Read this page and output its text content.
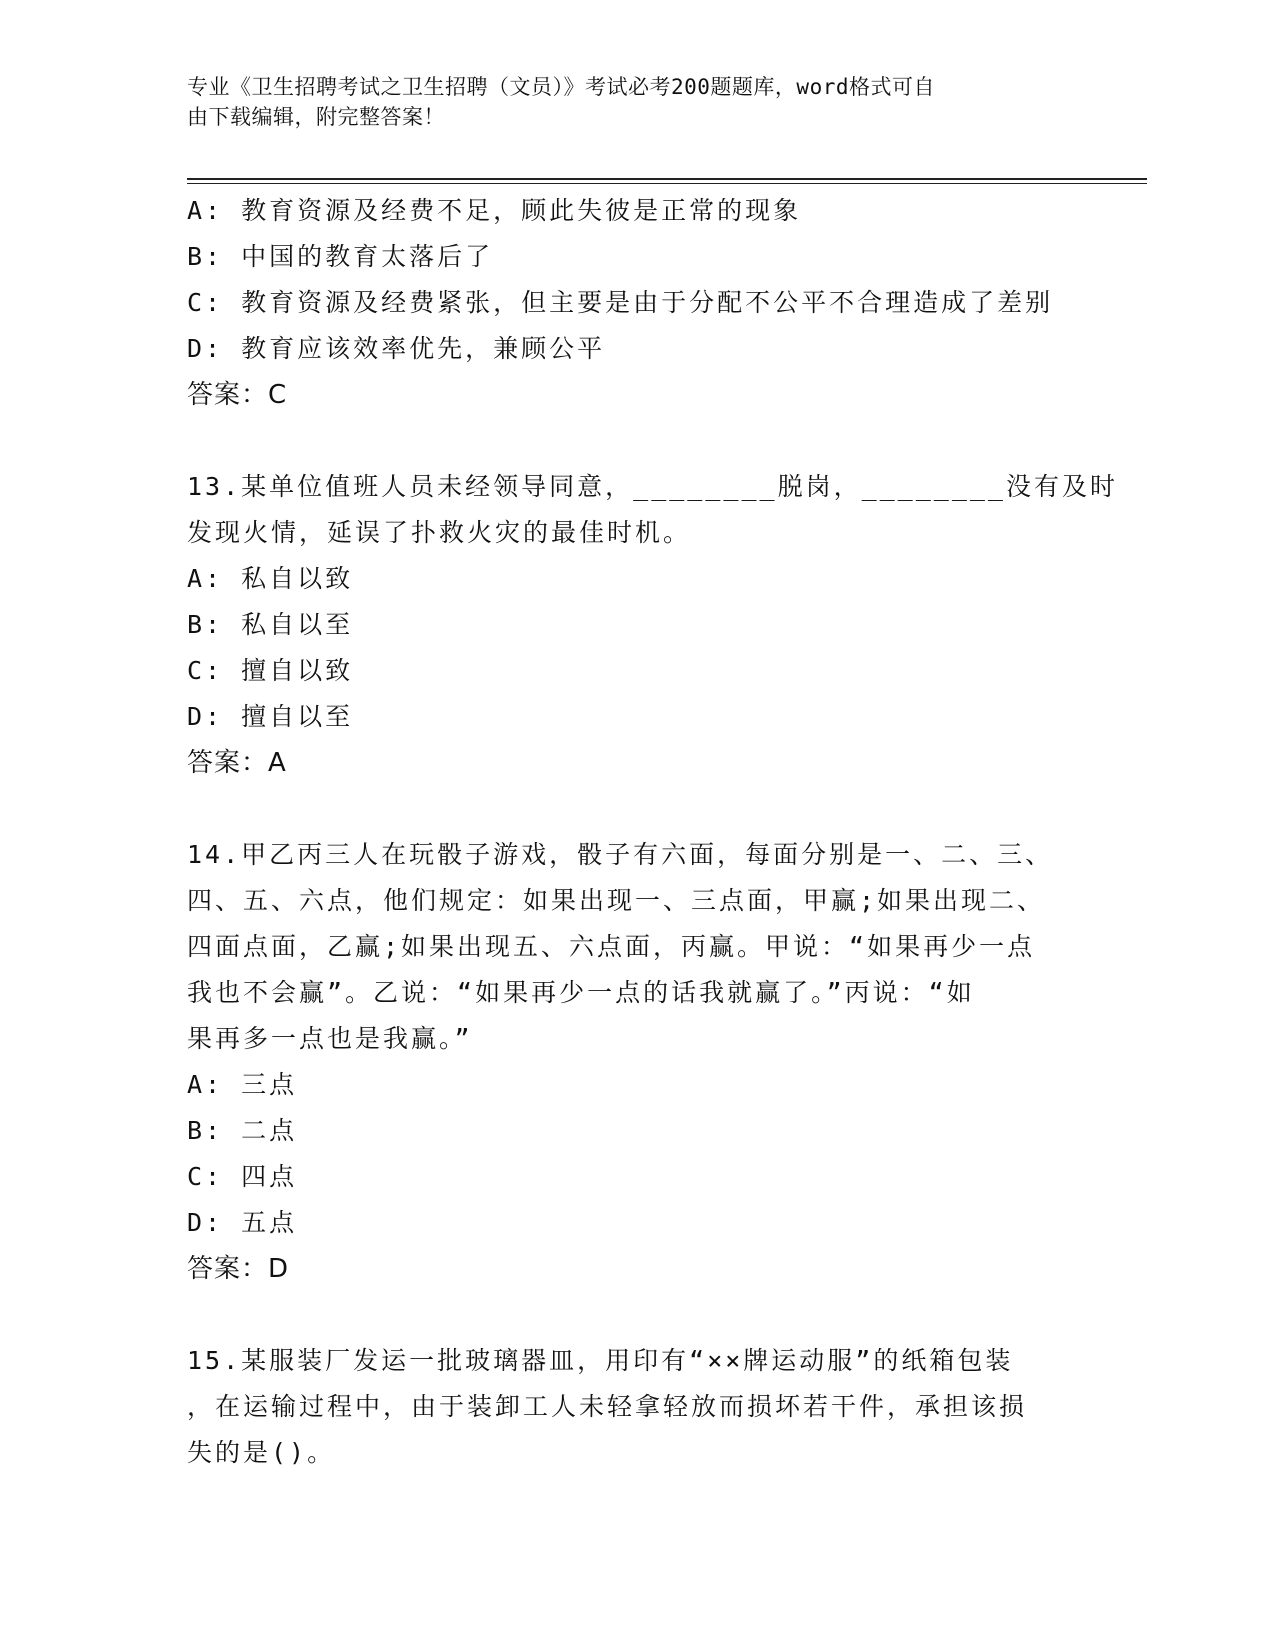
专业《卫生招聘考试之卫生招聘（文员）》考试必考200题题库，word格式可自
由下载编辑，附完整答案！
A: 教育资源及经费不足，顾此失彼是正常的现象
B: 中国的教育太落后了
C: 教育资源及经费紧张，但主要是由于分配不公平不合理造成了差别
D: 教育应该效率优先，兼顾公平
答案：C
13.某单位值班人员未经领导同意，________脱岗，________没有及时
发现火情，延误了扑救火灾的最佳时机。
A: 私自以致
B: 私自以至
C: 擅自以致
D: 擅自以至
答案：A
14.甲乙丙三人在玩骰子游戏，骰子有六面，每面分别是一、二、三、
四、五、六点，他们规定：如果出现一、三点面，甲赢;如果出现二、
四面点面，乙赢;如果出现五、六点面，丙赢。甲说：“如果再少一点
我也不会赢”。乙说：“如果再少一点的话我就赢了。”丙说：“如
果再多一点也是我赢。”
A: 三点
B: 二点
C: 四点
D: 五点
答案：D
15.某服装厂发运一批玻璃器皿，用印有“××牌运动服”的纸箱包装
，在运输过程中，由于装卸工人未轻拿轻放而损坏若干件，承担该损
失的是()。
